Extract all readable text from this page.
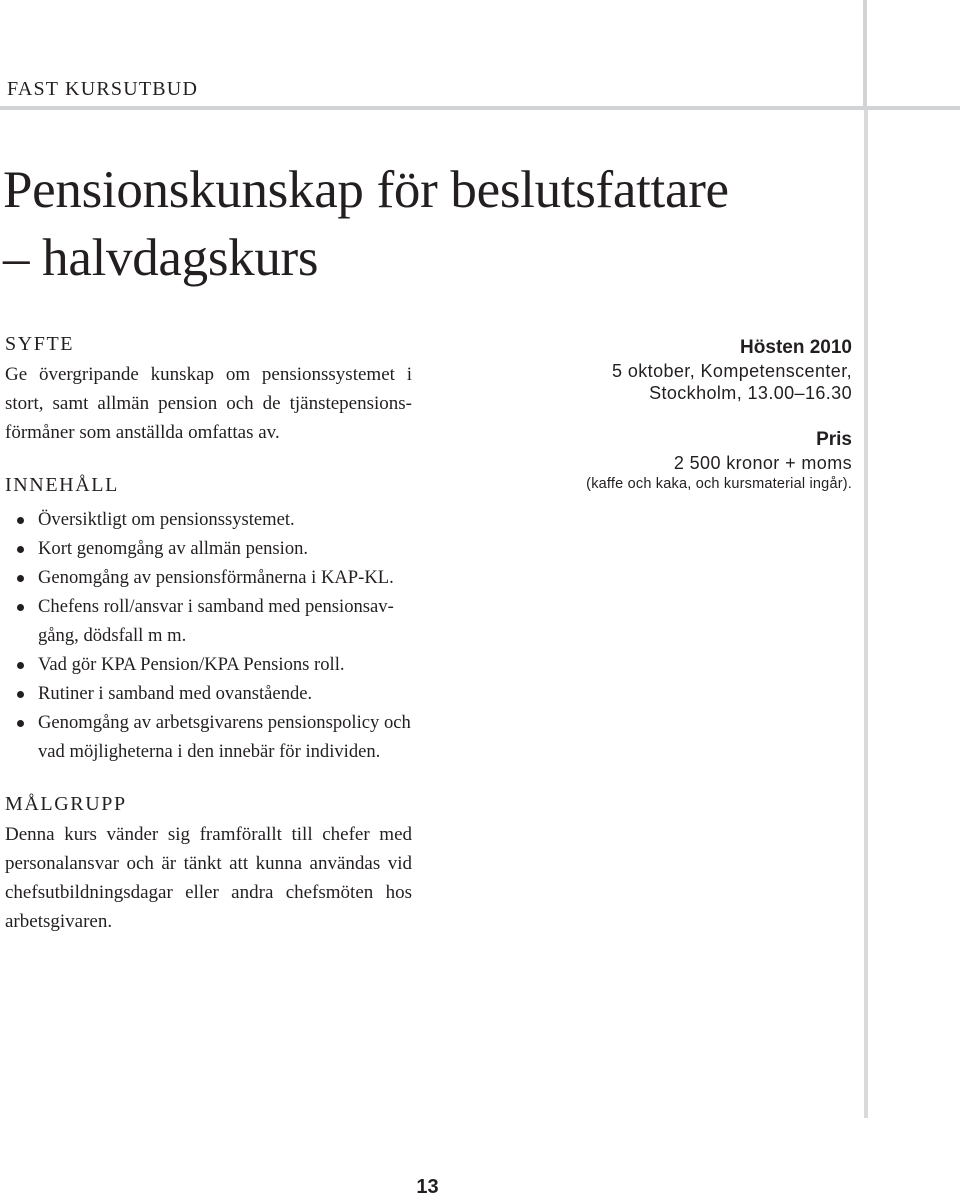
FAST KURSUTBUD
Pensionskunskap för beslutsfattare
– halvdagskurs
SYFTE
Ge övergripande kunskap om pensionssystemet i
stort, samt allmän pension och de tjänstepensions-
förmåner som anställda omfattas av.
INNEHÅLL
Översiktligt om pensionssystemet.
Kort genomgång av allmän pension.
Genomgång av pensionsförmånerna i KAP-KL.
Chefens roll/ansvar i samband med pensionsav-
gång, dödsfall m m.
Vad gör KPA Pension/KPA Pensions roll.
Rutiner i samband med ovanstående.
Genomgång av arbetsgivarens pensionspolicy och
vad möjligheterna i den innebär för individen.
MÅLGRUPP
Denna kurs vänder sig framförallt till chefer med
personalansvar och är tänkt att kunna användas vid
chefsutbildningsdagar eller andra chefsmöten hos
arbetsgivaren.
Hösten 2010
5 oktober, Kompetenscenter,
Stockholm, 13.00–16.30
Pris
2 500 kronor + moms
(kaffe och kaka, och kursmaterial ingår).
13
